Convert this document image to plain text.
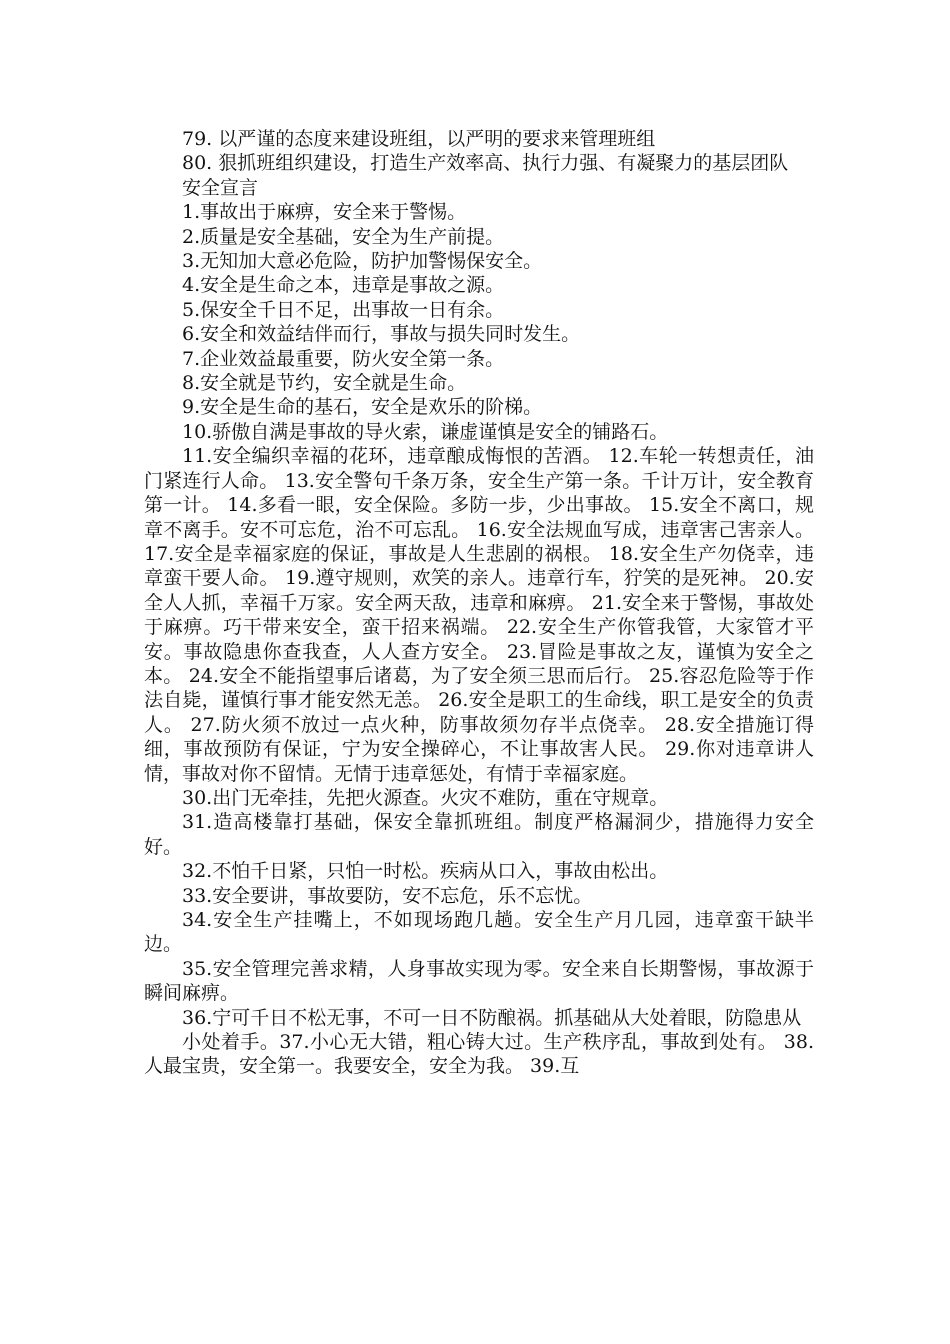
79. 以严谨的态度来建设班组，以严明的要求来管理班组

80. 狠抓班组织建设，打造生产效率高、执行力强、有凝聚力的基层团队

安全宣言

1.事故出于麻痹，安全来于警惕。

2.质量是安全基础，安全为生产前提。

3.无知加大意必危险，防护加警惕保安全。

4.安全是生命之本，违章是事故之源。

5.保安全千日不足，出事故一日有余。

6.安全和效益结伴而行，事故与损失同时发生。

7.企业效益最重要，防火安全第一条。

8.安全就是节约，安全就是生命。

9.安全是生命的基石，安全是欢乐的阶梯。

10.骄傲自满是事故的导火索，谦虚谨慎是安全的铺路石。

11.安全编织幸福的花环，违章酿成悔恨的苦酒。 12.车轮一转想责任，油门紧连行人命。 13.安全警句千条万条，安全生产第一条。千计万计，安全教育第一计。 14.多看一眼，安全保险。多防一步，少出事故。 15.安全不离口，规章不离手。安不可忘危，治不可忘乱。 16.安全法规血写成，违章害己害亲人。 17.安全是幸福家庭的保证，事故是人生悲剧的祸根。 18.安全生产勿侥幸，违章蛮干要人命。 19.遵守规则，欢笑的亲人。违章行车，狞笑的是死神。 20.安全人人抓，幸福千万家。安全两天敌，违章和麻痹。 21.安全来于警惕，事故处于麻痹。巧干带来安全，蛮干招来祸端。 22.安全生产你管我管，大家管才平安。事故隐患你查我查，人人查方安全。 23.冒险是事故之友，谨慎为安全之本。 24.安全不能指望事后诸葛，为了安全须三思而后行。 25.容忍危险等于作法自毙，谨慎行事才能安然无恙。 26.安全是职工的生命线，职工是安全的负责人。 27.防火须不放过一点火种，防事故须勿存半点侥幸。 28.安全措施订得细，事故预防有保证，宁为安全操碎心，不让事故害人民。 29.你对违章讲人情，事故对你不留情。无情于违章惩处，有情于幸福家庭。

30.出门无牵挂，先把火源查。火灾不难防，重在守规章。

31.造高楼靠打基础，保安全靠抓班组。制度严格漏洞少，措施得力安全好。

32.不怕千日紧，只怕一时松。疾病从口入，事故由松出。

33.安全要讲，事故要防，安不忘危，乐不忘忧。

34.安全生产挂嘴上，不如现场跑几趟。安全生产月几园，违章蛮干缺半边。

35.安全管理完善求精，人身事故实现为零。安全来自长期警惕，事故源于瞬间麻痹。

36.宁可千日不松无事，不可一日不防酿祸。抓基础从大处着眼，防隐患从

小处着手。37.小心无大错，粗心铸大过。生产秩序乱，事故到处有。 38.人最宝贵，安全第一。我要安全，安全为我。 39.互
